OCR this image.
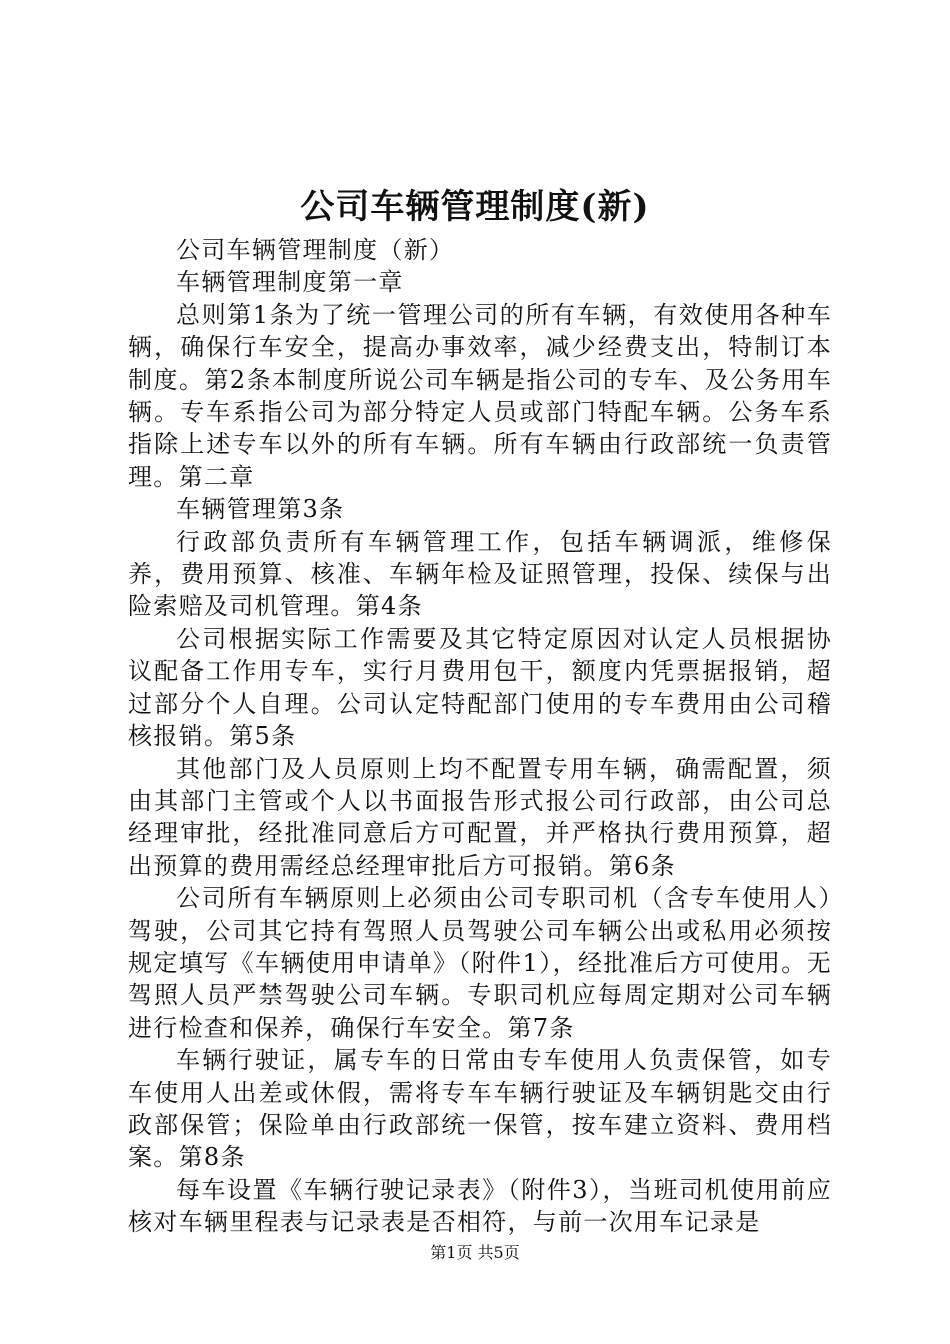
公司车辆管理制度(新)

公司车辆管理制度（新）

车辆管理制度第一章

总则第1条为了统一管理公司的所有车辆，有效使用各种车辆，确保行车安全，提高办事效率，减少经费支出，特制订本制度。第2条本制度所说公司车辆是指公司的专车、及公务用车辆。专车系指公司为部分特定人员或部门特配车辆。公务车系指除上述专车以外的所有车辆。所有车辆由行政部统一负责管理。第二章

车辆管理第3条

行政部负责所有车辆管理工作，包括车辆调派，维修保养，费用预算、核准、车辆年检及证照管理，投保、续保与出险索赔及司机管理。第4条

公司根据实际工作需要及其它特定原因对认定人员根据协议配备工作用专车，实行月费用包干，额度内凭票据报销，超过部分个人自理。公司认定特配部门使用的专车费用由公司稽核报销。第5条

其他部门及人员原则上均不配置专用车辆，确需配置，须由其部门主管或个人以书面报告形式报公司行政部，由公司总经理审批，经批准同意后方可配置，并严格执行费用预算，超出预算的费用需经总经理审批后方可报销。第6条

公司所有车辆原则上必须由公司专职司机（含专车使用人）驾驶，公司其它持有驾照人员驾驶公司车辆公出或私用必须按规定填写《车辆使用申请单》（附件1），经批准后方可使用。无驾照人员严禁驾驶公司车辆。专职司机应每周定期对公司车辆进行检查和保养，确保行车安全。第7条

车辆行驶证，属专车的日常由专车使用人负责保管，如专车使用人出差或休假，需将专车车辆行驶证及车辆钥匙交由行政部保管；保险单由行政部统一保管，按车建立资料、费用档案。第8条

每车设置《车辆行驶记录表》（附件3），当班司机使用前应核对车辆里程表与记录表是否相符，与前一次用车记录是

第1页 共5页
